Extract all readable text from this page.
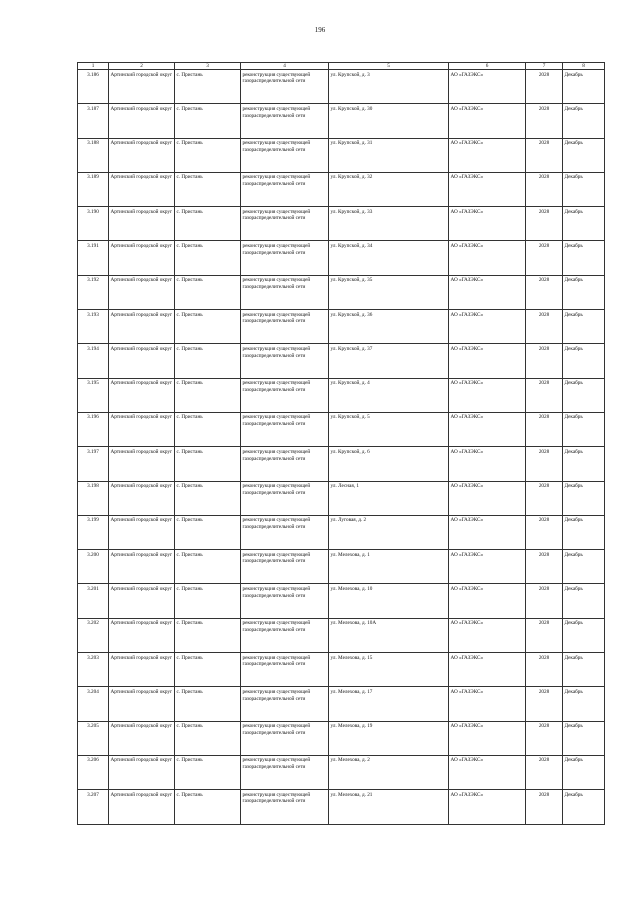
196
1	2	3	4	5	6	7	8
3.186	Артинский городской округ	с. Пристань	реконструкция существующей газораспределительной сети	ул. Крупской, д. 3	АО «ГАЗЭКС»	2028	Декабрь
3.187	Артинский городской округ	с. Пристань	реконструкция существующей газораспределительной сети	ул. Крупской, д. 30	АО «ГАЗЭКС»	2028	Декабрь
3.188	Артинский городской округ	с. Пристань	реконструкция существующей газораспределительной сети	ул. Крупской, д. 31	АО «ГАЗЭКС»	2028	Декабрь
3.189	Артинский городской округ	с. Пристань	реконструкция существующей газораспределительной сети	ул. Крупской, д. 32	АО «ГАЗЭКС»	2028	Декабрь
3.190	Артинский городской округ	с. Пристань	реконструкция существующей газораспределительной сети	ул. Крупской, д. 33	АО «ГАЗЭКС»	2028	Декабрь
3.191	Артинский городской округ	с. Пристань	реконструкция существующей газораспределительной сети	ул. Крупской, д. 34	АО «ГАЗЭКС»	2028	Декабрь
3.192	Артинский городской округ	с. Пристань	реконструкция существующей газораспределительной сети	ул. Крупской, д. 35	АО «ГАЗЭКС»	2028	Декабрь
3.193	Артинский городской округ	с. Пристань	реконструкция существующей газораспределительной сети	ул. Крупской, д. 36	АО «ГАЗЭКС»	2028	Декабрь
3.194	Артинский городской округ	с. Пристань	реконструкция существующей газораспределительной сети	ул. Крупской, д. 37	АО «ГАЗЭКС»	2028	Декабрь
3.195	Артинский городской округ	с. Пристань	реконструкция существующей газораспределительной сети	ул. Крупской, д. 4	АО «ГАЗЭКС»	2028	Декабрь
3.196	Артинский городской округ	с. Пристань	реконструкция существующей газораспределительной сети	ул. Крупской, д. 5	АО «ГАЗЭКС»	2028	Декабрь
3.197	Артинский городской округ	с. Пристань	реконструкция существующей газораспределительной сети	ул. Крупской, д. 6	АО «ГАЗЭКС»	2028	Декабрь
3.198	Артинский городской округ	с. Пристань	реконструкция существующей газораспределительной сети	ул. Лесная, 1	АО «ГАЗЭКС»	2028	Декабрь
3.199	Артинский городской округ	с. Пристань	реконструкция существующей газораспределительной сети	ул. Луговая, д. 2	АО «ГАЗЭКС»	2028	Декабрь
3.200	Артинский городской округ	с. Пристань	реконструкция существующей газораспределительной сети	ул. Мелехова, д. 1	АО «ГАЗЭКС»	2028	Декабрь
3.201	Артинский городской округ	с. Пристань	реконструкция существующей газораспределительной сети	ул. Мелехова, д. 10	АО «ГАЗЭКС»	2028	Декабрь
3.202	Артинский городской округ	с. Пристань	реконструкция существующей газораспределительной сети	ул. Мелехова, д. 10А	АО «ГАЗЭКС»	2028	Декабрь
3.203	Артинский городской округ	с. Пристань	реконструкция существующей газораспределительной сети	ул. Мелехова, д. 15	АО «ГАЗЭКС»	2028	Декабрь
3.204	Артинский городской округ	с. Пристань	реконструкция существующей газораспределительной сети	ул. Мелехова, д. 17	АО «ГАЗЭКС»	2028	Декабрь
3.205	Артинский городской округ	с. Пристань	реконструкция существующей газораспределительной сети	ул. Мелехова, д. 19	АО «ГАЗЭКС»	2028	Декабрь
3.206	Артинский городской округ	с. Пристань	реконструкция существующей газораспределительной сети	ул. Мелехова, д. 2	АО «ГАЗЭКС»	2028	Декабрь
3.207	Артинский городской округ	с. Пристань	реконструкция существующей газораспределительной сети	ул. Мелехова, д. 21	АО «ГАЗЭКС»	2028	Декабрь
